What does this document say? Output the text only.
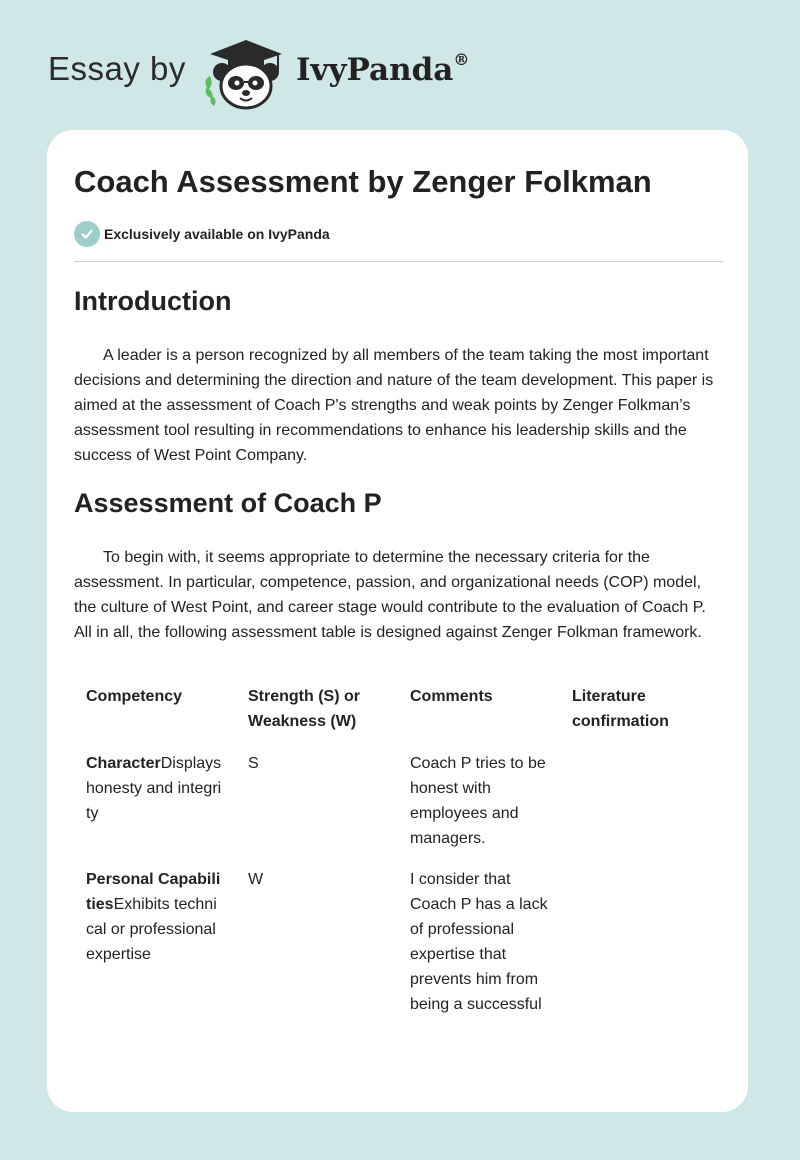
Essay by	IvyPanda®
Coach Assessment by Zenger Folkman
Exclusively available on IvyPanda
Introduction

A leader is a person recognized by all members of the team taking the most important decisions and determining the direction and nature of the team development. This paper is aimed at the assessment of Coach P's strengths and weak points by Zenger Folkman’s assessment tool resulting in recommendations to enhance his leadership skills and the success of West Point Company.

Assessment of Coach P

To begin with, it seems appropriate to determine the necessary criteria for the assessment. In particular, competence, passion, and organizational needs (COP) model, the culture of West Point, and career stage would contribute to the evaluation of Coach P. All in all, the following assessment table is designed against Zenger Folkman framework.

Competency	Strength (S) or Weakness (W)	Comments	Literature confirmation
CharacterDisplays honesty and integrity	S	Coach P tries to be honest with employees and managers.	
Personal CapabilitiesExhibits technical or professional expertise	W	I consider that Coach P has a lack of professional expertise that prevents him from being a successful	
